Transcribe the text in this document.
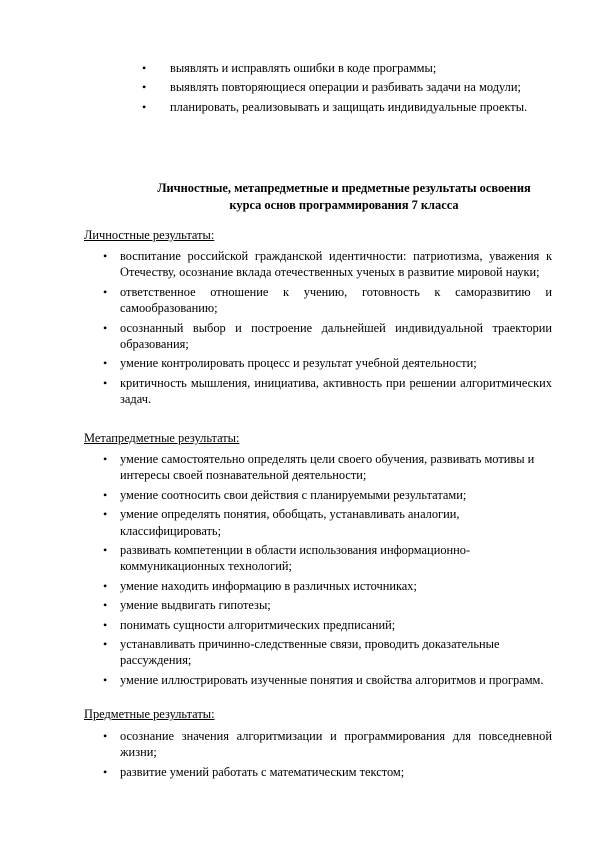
• выявлять и исправлять ошибки в коде программы;
• выявлять повторяющиеся операции и разбивать задачи на модули;
• планировать, реализовывать и защищать индивидуальные проекты.
Личностные, метапредметные и предметные результаты освоения
курса основ программирования 7 класса
Личностные результаты:
• воспитание российской гражданской идентичности: патриотизма, уважения к Отечеству, осознание вклада отечественных ученых в развитие мировой науки;
• ответственное отношение к учению, готовность к саморазвитию и самообразованию;
• осознанный выбор и построение дальнейшей индивидуальной траектории образования;
• умение контролировать процесс и результат учебной деятельности;
• критичность мышления, инициатива, активность при решении алгоритмических задач.
Метапредметные результаты:
• умение самостоятельно определять цели своего обучения, развивать мотивы и интересы своей познавательной деятельности;
• умение соотносить свои действия с планируемыми результатами;
• умение определять понятия, обобщать, устанавливать аналогии, классифицировать;
• развивать компетенции в области использования информационно-коммуникационных технологий;
• умение находить информацию в различных источниках;
• умение выдвигать гипотезы;
• понимать сущности алгоритмических предписаний;
• устанавливать причинно-следственные связи, проводить доказательные рассуждения;
• умение иллюстрировать изученные понятия и свойства алгоритмов и программ.
Предметные результаты:
• осознание значения алгоритмизации и программирования для повседневной жизни;
• развитие умений работать с математическим текстом;
